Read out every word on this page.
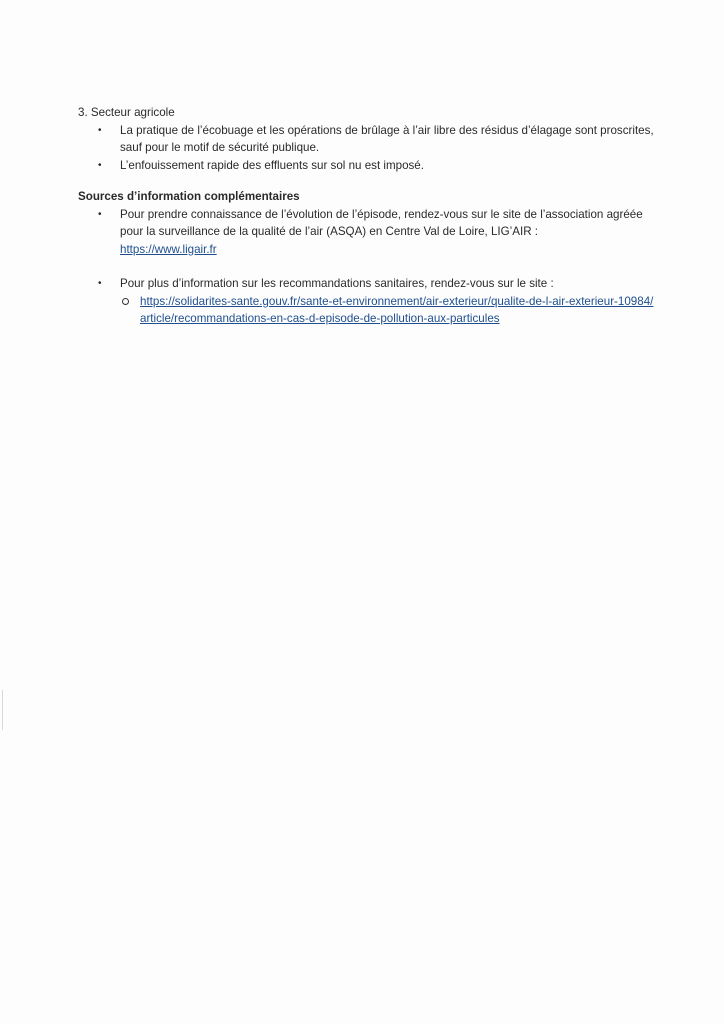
3. Secteur agricole

• La pratique de l’écobuage et les opérations de brûlage à l’air libre des résidus d’élagage sont proscrites, sauf pour le motif de sécurité publique.
• L’enfouissement rapide des effluents sur sol nu est imposé.

Sources d’information complémentaires

• Pour prendre connaissance de l’évolution de l’épisode, rendez-vous sur le site de l’association agréée pour la surveillance de la qualité de l’air (ASQA) en Centre Val de Loire, LIG’AIR :
https://www.ligair.fr
• Pour plus d’information sur les recommandations sanitaires, rendez-vous sur le site :
https://solidarites-sante.gouv.fr/sante-et-environnement/air-exterieur/qualite-de-l-air-exterieur-10984/article/recommandations-en-cas-d-episode-de-pollution-aux-particules
